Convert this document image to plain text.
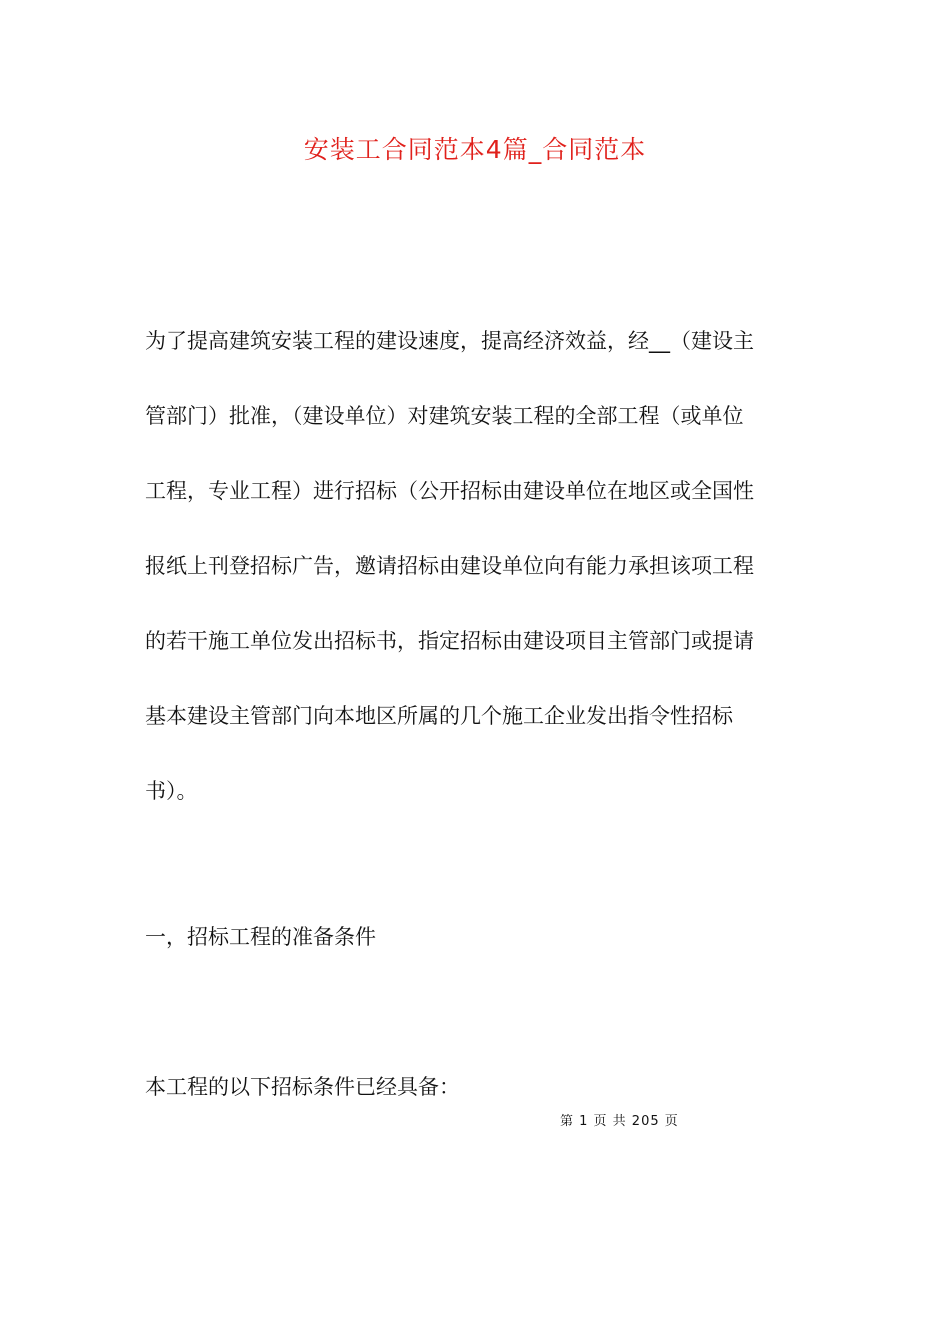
安装工合同范本4篇_合同范本
为了提高建筑安装工程的建设速度，提高经济效益，经__（建设主
管部门）批准，（建设单位）对建筑安装工程的全部工程（或单位
工程，专业工程）进行招标（公开招标由建设单位在地区或全国性
报纸上刊登招标广告，邀请招标由建设单位向有能力承担该项工程
的若干施工单位发出招标书，指定招标由建设项目主管部门或提请
基本建设主管部门向本地区所属的几个施工企业发出指令性招标
书）。

一，招标工程的准备条件

本工程的以下招标条件已经具备：

第 1 页 共 205 页
